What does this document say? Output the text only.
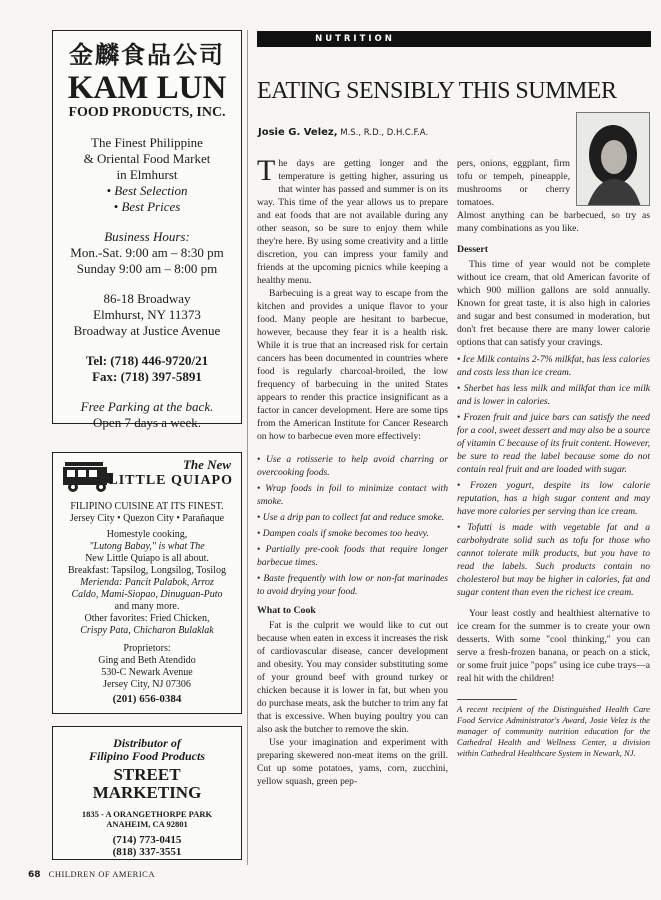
金麟食品公司
KAM LUN
FOOD PRODUCTS, INC.
The Finest Philippine
& Oriental Food Market
in Elmhurst
• Best Selection
• Best Prices
Business Hours:
Mon.-Sat. 9:00 am – 8:30 pm
Sunday 9:00 am – 8:00 pm
86-18 Broadway
Elmhurst, NY 11373
Broadway at Justice Avenue
Tel: (718) 446-9720/21
Fax: (718) 397-5891
Free Parking at the back.
Open 7 days a week.
The New
LITTLE QUIAPO
FILIPINO CUISINE AT ITS FINEST.
Jersey City • Quezon City • Parañaque
Homestyle cooking,
"Lutong Babay," is what The
New Little Quiapo is all about.
Breakfast: Tapsilog, Longsilog, Tosilog
Merienda: Pancit Palabok, Arroz
Caldo, Mami-Siopao, Dinuguan-Puto
and many more.
Other favorites: Fried Chicken,
Crispy Pata, Chicharon Bulaklak
Proprietors:
Ging and Beth Atendido
530-C Newark Avenue
Jersey City, NJ 07306
(201) 656-0384
Distributor of
Filipino Food Products
STREET
MARKETING
1835 - A ORANGETHORPE PARK
ANAHEIM, CA 92801
(714) 773-0415
(818) 337-3551
NUTRITION
EATING SENSIBLY THIS SUMMER
Josie G. Velez, M.S., R.D., D.H.C.F.A.

The days are getting longer and the temperature is getting higher, assuring us that winter has passed and summer is on its way. This time of the year allows us to prepare and eat foods that are not available during any other season, so be sure to enjoy them while they're here. By using some creativity and a little discretion, you can impress your family and friends at the upcoming picnics while keeping a healthy menu.

Barbecuing is a great way to escape from the kitchen and provides a unique flavor to your food. Many people are hesitant to barbecue, however, because they fear it is a health risk. While it is true that an increased risk for certain cancers has been documented in countries where food is regularly charcoal-broiled, the low frequency of barbecuing in the united States appears to render this practice insignificant as a factor in cancer development. Here are some tips from the American Institute for Cancer Research on how to barbecue even more effectively:

• Use a rotisserie to help avoid charring or overcooking foods.

• Wrap foods in foil to minimize contact with smoke.

• Use a drip pan to collect fat and reduce smoke.

• Dampen coals if smoke becomes too heavy.

• Partially pre-cook foods that require longer barbecue times.

• Baste frequently with low or non-fat marinades to avoid drying your food.

What to Cook

Fat is the culprit we would like to cut out because when eaten in excess it increases the risk of cardiovascular disease, cancer development and obesity. You may consider substituting some of your ground beef with ground turkey or chicken because it is lower in fat, but when you do purchase meats, ask the butcher to trim any fat that is excessive. When buying poultry you can also ask the butcher to remove the skin.

Use your imagination and experiment with preparing skewered non-meat items on the grill. Cut up some potatoes, yams, corn, zucchini, yellow squash, green pep-

pers, onions, eggplant, firm tofu or tempeh, pineapple, mushrooms or cherry tomatoes.

Almost anything can be barbecued, so try as many combinations as you like.

Dessert

This time of year would not be complete without ice cream, that old American favorite of which 900 million gallons are sold annually. Known for great taste, it is also high in calories and sugar and best consumed in moderation, but don't fret because there are many lower calorie options that can satisfy your cravings.

• Ice Milk contains 2-7% milkfat, has less calories and costs less than ice cream.

• Sherbet has less milk and milkfat than ice milk and is lower in calories.

• Frozen fruit and juice bars can satisfy the need for a cool, sweet dessert and may also be a source of vitamin C because of its fruit content. However, be sure to read the label because some do not contain real fruit and are loaded with sugar.

• Frozen yogurt, despite its low calorie reputation, has a high sugar content and may have more calories per serving than ice cream.

• Tofutti is made with vegetable fat and a carbohydrate solid such as tofu for those who cannot tolerate milk products, but you have to read the labels. Such products contain no cholesterol but may be higher in calories, fat and sugar content than even the richest ice cream.

Your least costly and healthiest alternative to ice cream for the summer is to create your own desserts. With some "cool thinking," you can serve a fresh-frozen banana, or peach on a stick, or some fruit juice "pops" using ice cube trays—a real hit with the children!

A recent recipient of the Distinguished Health Care Food Service Administrator's Award, Josie Velez is the manager of community nutrition education for the Cathedral Health and Wellness Center, a division within Cathedral Healthcare System in Newark, NJ.

68 CHILDREN OF AMERICA
